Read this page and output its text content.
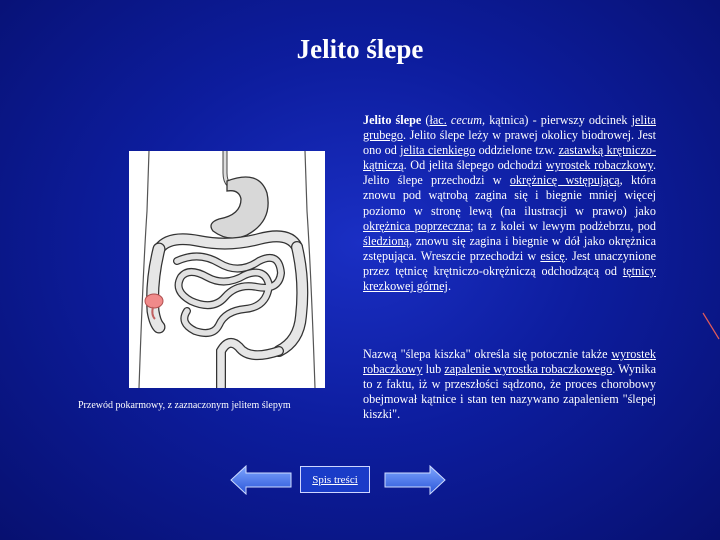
Jelito ślepe
Przewód pokarmowy, z zaznaczonym jelitem ślepym
Jelito ślepe (łac. cecum, kątnica) - pierwszy odcinek jelita grubego. Jelito ślepe leży w prawej okolicy biodrowej. Jest ono od jelita cienkiego oddzielone tzw. zastawką krętniczo-kątniczą. Od jelita ślepego odchodzi wyrostek robaczkowy. Jelito ślepe przechodzi w okrężnicę wstępującą, która znowu pod wątrobą zagina się i biegnie mniej więcej poziomo w stronę lewą (na ilustracji w prawo) jako okrężnica poprzeczna; ta z kolei w lewym podżebrzu, pod śledzioną, znowu się zagina i biegnie w dół jako okrężnica zstępująca. Wreszcie przechodzi w esicę. Jest unaczynione przez tętnicę krętniczo-okrężniczą odchodzącą od tętnicy krezkowej górnej.
Nazwą "ślepa kiszka" określa się potocznie także wyrostek robaczkowy lub zapalenie wyrostka robaczkowego. Wynika to z faktu, iż w przeszłości sądzono, że proces chorobowy obejmował kątnice i stan ten nazywano zapaleniem "ślepej kiszki".
Spis treści
